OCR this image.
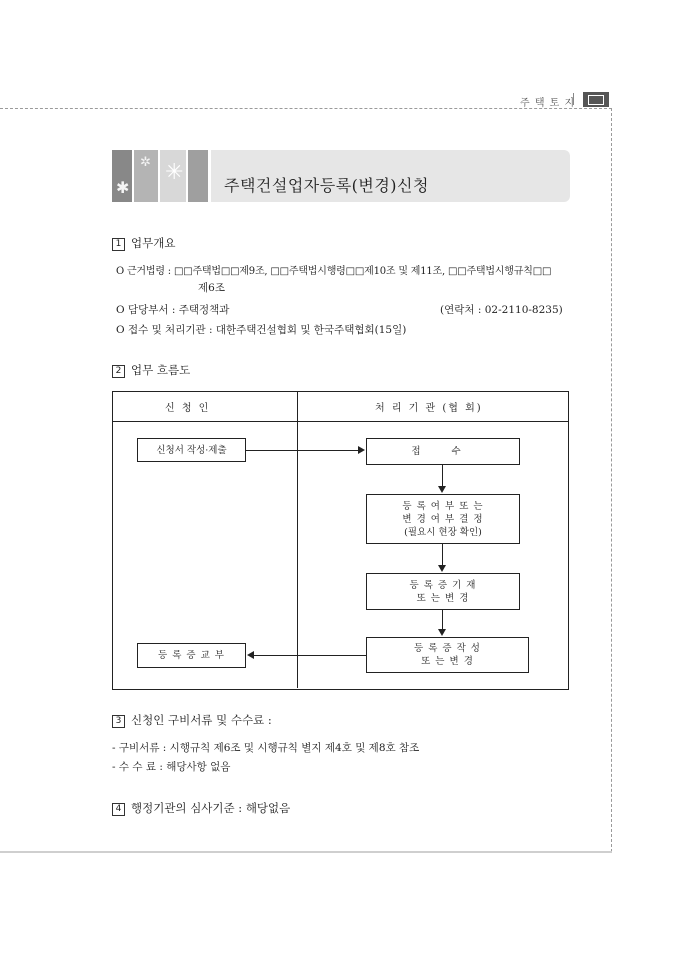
주 택 토 지
✱
✲ ✳
주택건설업자등록(변경)신청
1 업무개요
O 근거법령 : □□주택법□□제9조, □□주택법시행령□□제10조 및 제11조, □□주택법시행규칙□□
제6조
O 담당부서 : 주택정책과	(연락처 : 02-2110-8235)
O 접수 및 처리기관 : 대한주택건설협회 및 한국주택협회(15일)
2 업무 흐름도
신 청 인	처 리 기 관 (협 회)
신청서 작성·제출	접 수
등 록 여 부 또 는
변 경 여 부 결 정
(필요시 현장 확인)
등 록 증 기 재
또 는 변 경
등 록 증 작 성
또 는 변 경
등 록 증 교 부
3 신청인 구비서류 및 수수료 :
- 구비서류 : 시행규칙 제6조 및 시행규칙 별지 제4호 및 제8호 참조
- 수 수 료 : 해당사항 없음
4 행정기관의 심사기준 : 해당없음
